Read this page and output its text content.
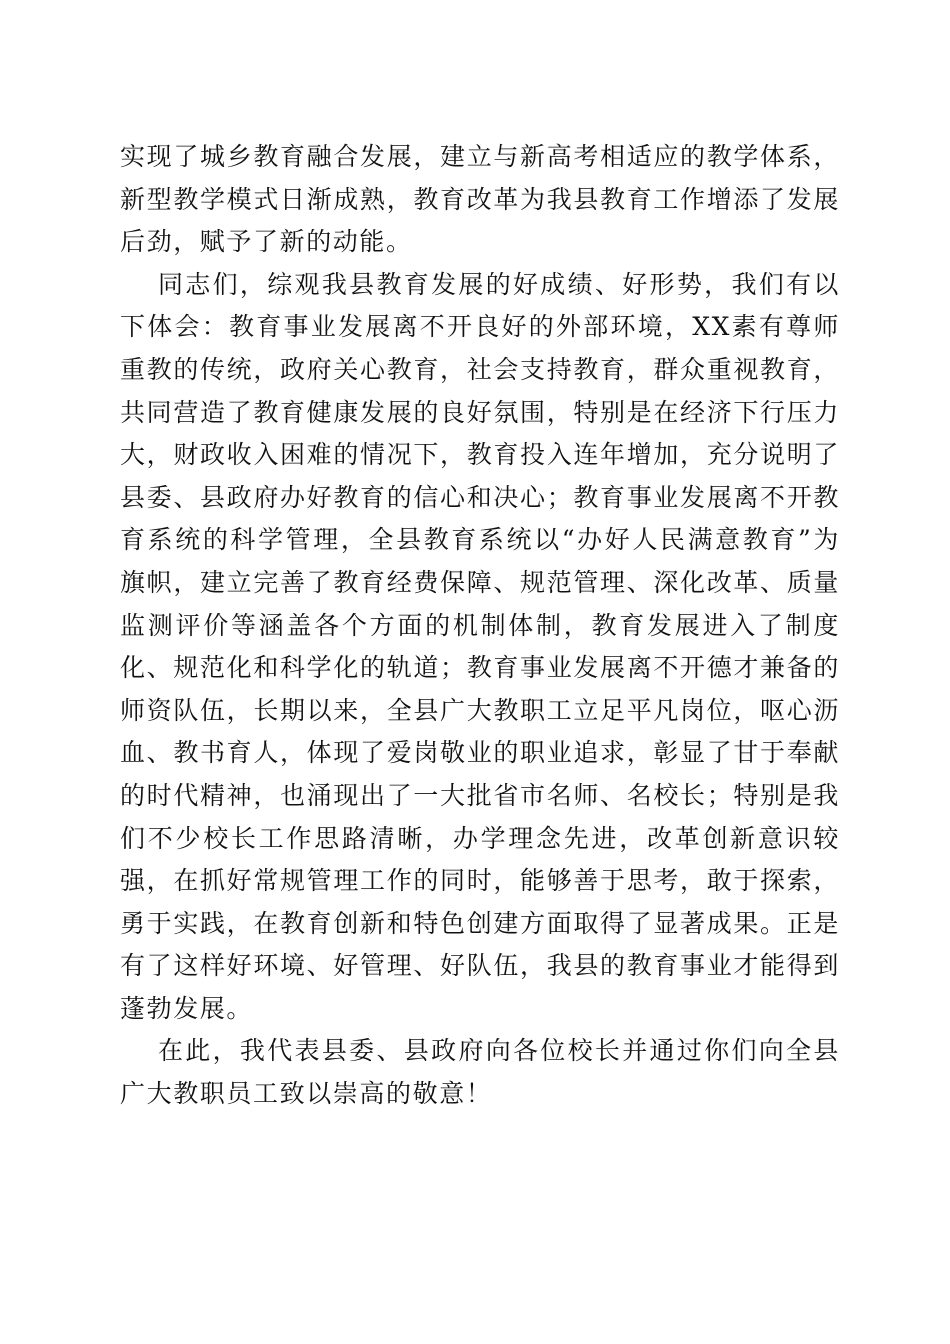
实现了城乡教育融合发展，建立与新高考相适应的教学体系，新型教学模式日渐成熟，教育改革为我县教育工作增添了发展后劲，赋予了新的动能。

同志们，综观我县教育发展的好成绩、好形势，我们有以下体会：教育事业发展离不开良好的外部环境，XX素有尊师重教的传统，政府关心教育，社会支持教育，群众重视教育，共同营造了教育健康发展的良好氛围，特别是在经济下行压力大，财政收入困难的情况下，教育投入连年增加，充分说明了县委、县政府办好教育的信心和决心；教育事业发展离不开教育系统的科学管理，全县教育系统以“办好人民满意教育”为旗帜，建立完善了教育经费保障、规范管理、深化改革、质量监测评价等涵盖各个方面的机制体制，教育发展进入了制度化、规范化和科学化的轨道；教育事业发展离不开德才兼备的师资队伍，长期以来，全县广大教职工立足平凡岗位，呕心沥血、教书育人，体现了爱岗敬业的职业追求，彰显了甘于奉献的时代精神，也涌现出了一大批省市名师、名校长；特别是我们不少校长工作思路清晰，办学理念先进，改革创新意识较强，在抓好常规管理工作的同时，能够善于思考，敢于探索，勇于实践，在教育创新和特色创建方面取得了显著成果。正是有了这样好环境、好管理、好队伍，我县的教育事业才能得到蓬勃发展。

在此，我代表县委、县政府向各位校长并通过你们向全县广大教职员工致以崇高的敬意！
